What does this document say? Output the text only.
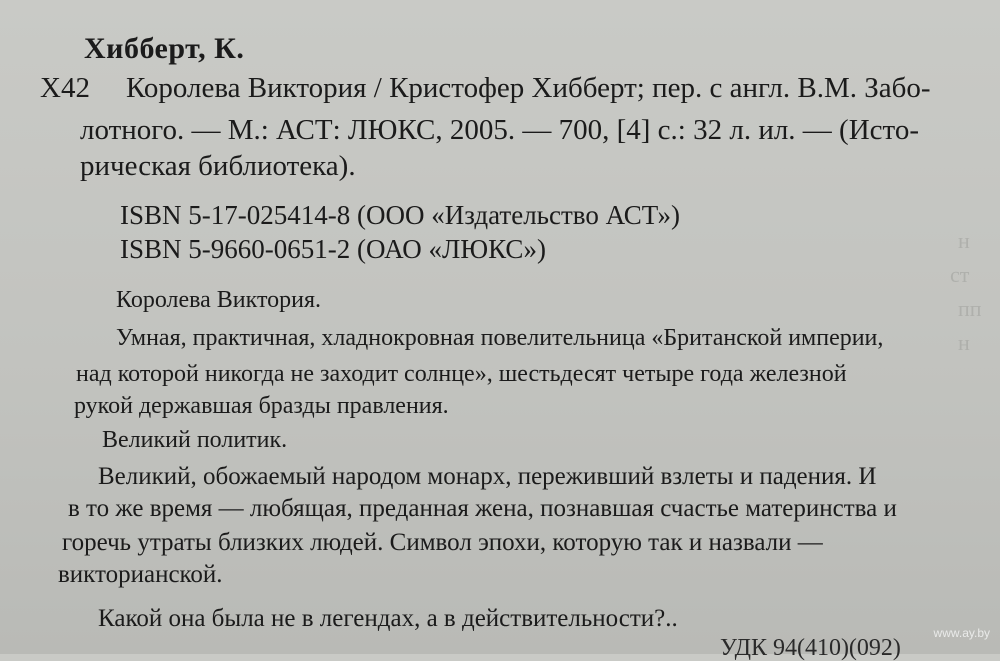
н
ст
пп
н
Хибберт, К.
Х42 Королева Виктория / Кристофер Хибберт; пер. с англ. В.М. Забо-
лотного. — М.: АСТ: ЛЮКС, 2005. — 700, [4] с.: 32 л. ил. — (Исто-
рическая библиотека).
ISBN 5-17-025414-8 (ООО «Издательство АСТ»)
ISBN 5-9660-0651-2 (ОАО «ЛЮКС»)
Королева Виктория.
Умная, практичная, хладнокровная повелительница «Британской империи,
над которой никогда не заходит солнце», шестьдесят четыре года железной
рукой державшая бразды правления.
Великий политик.
Великий, обожаемый народом монарх, переживший взлеты и падения. И
в то же время — любящая, преданная жена, познавшая счастье материнства и
горечь утраты близких людей. Символ эпохи, которую так и назвали —
викторианской.
Какой она была не в легендах, а в действительности?..
УДК 94(410)(092)
www.ay.by
